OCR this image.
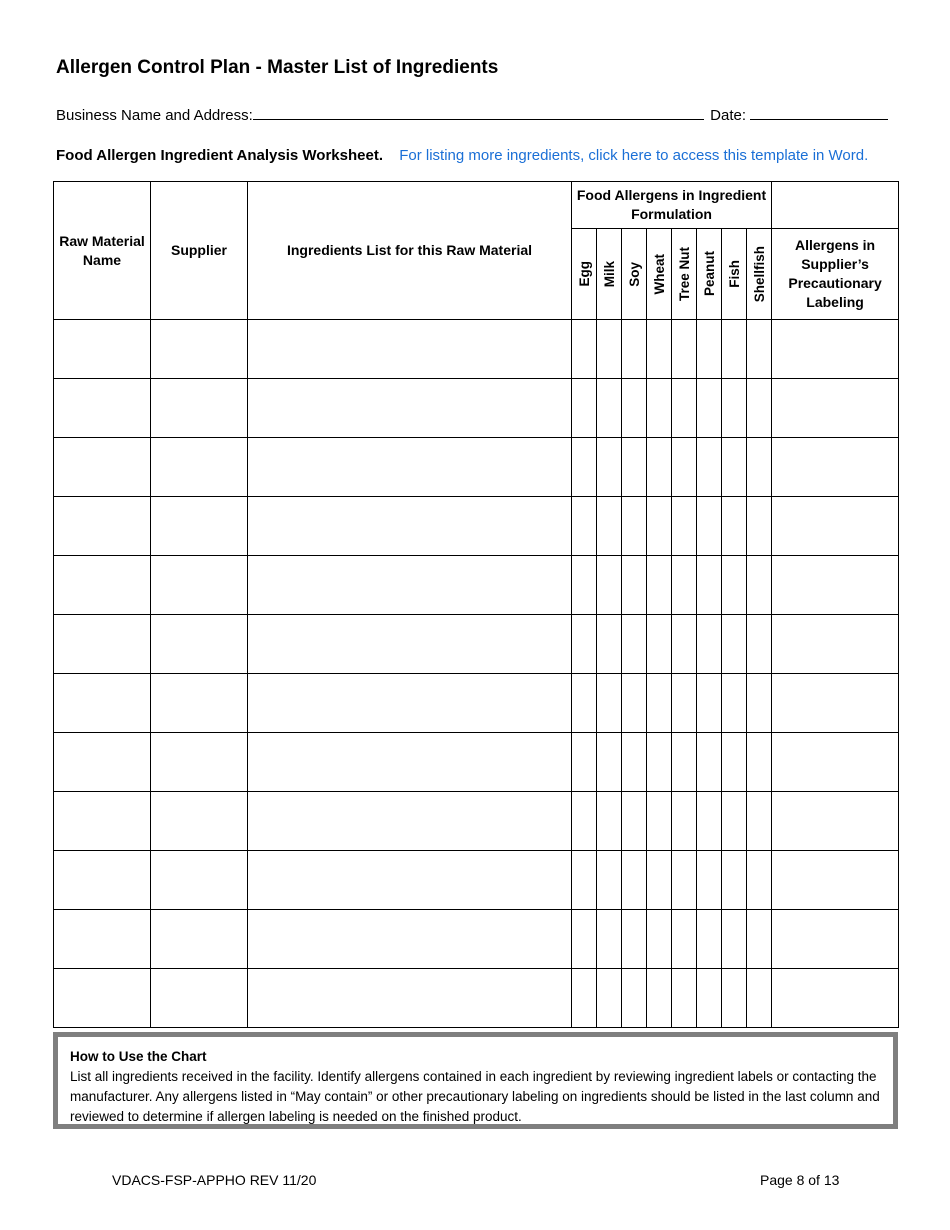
Allergen Control Plan - Master List of Ingredients
Business Name and Address:	Date:
Food Allergen Ingredient Analysis Worksheet. For listing more ingredients, click here to access this template in Word.
Raw Material Name	Supplier	Ingredients List for this Raw Material	Food Allergens in Ingredient Formulation								

			Egg	Milk	Soy	Wheat	Tree Nut	Peanut	Fish	Shellfish	Allergens in Supplier’s Precautionary Labeling

How to Use the Chart
List all ingredients received in the facility. Identify allergens contained in each ingredient by reviewing ingredient labels or contacting the manufacturer. Any allergens listed in “May contain” or other precautionary labeling on ingredients should be listed in the last column and reviewed to determine if allergen labeling is needed on the finished product.
VDACS-FSP-APPHO REV 11/20	Page 8 of 13
